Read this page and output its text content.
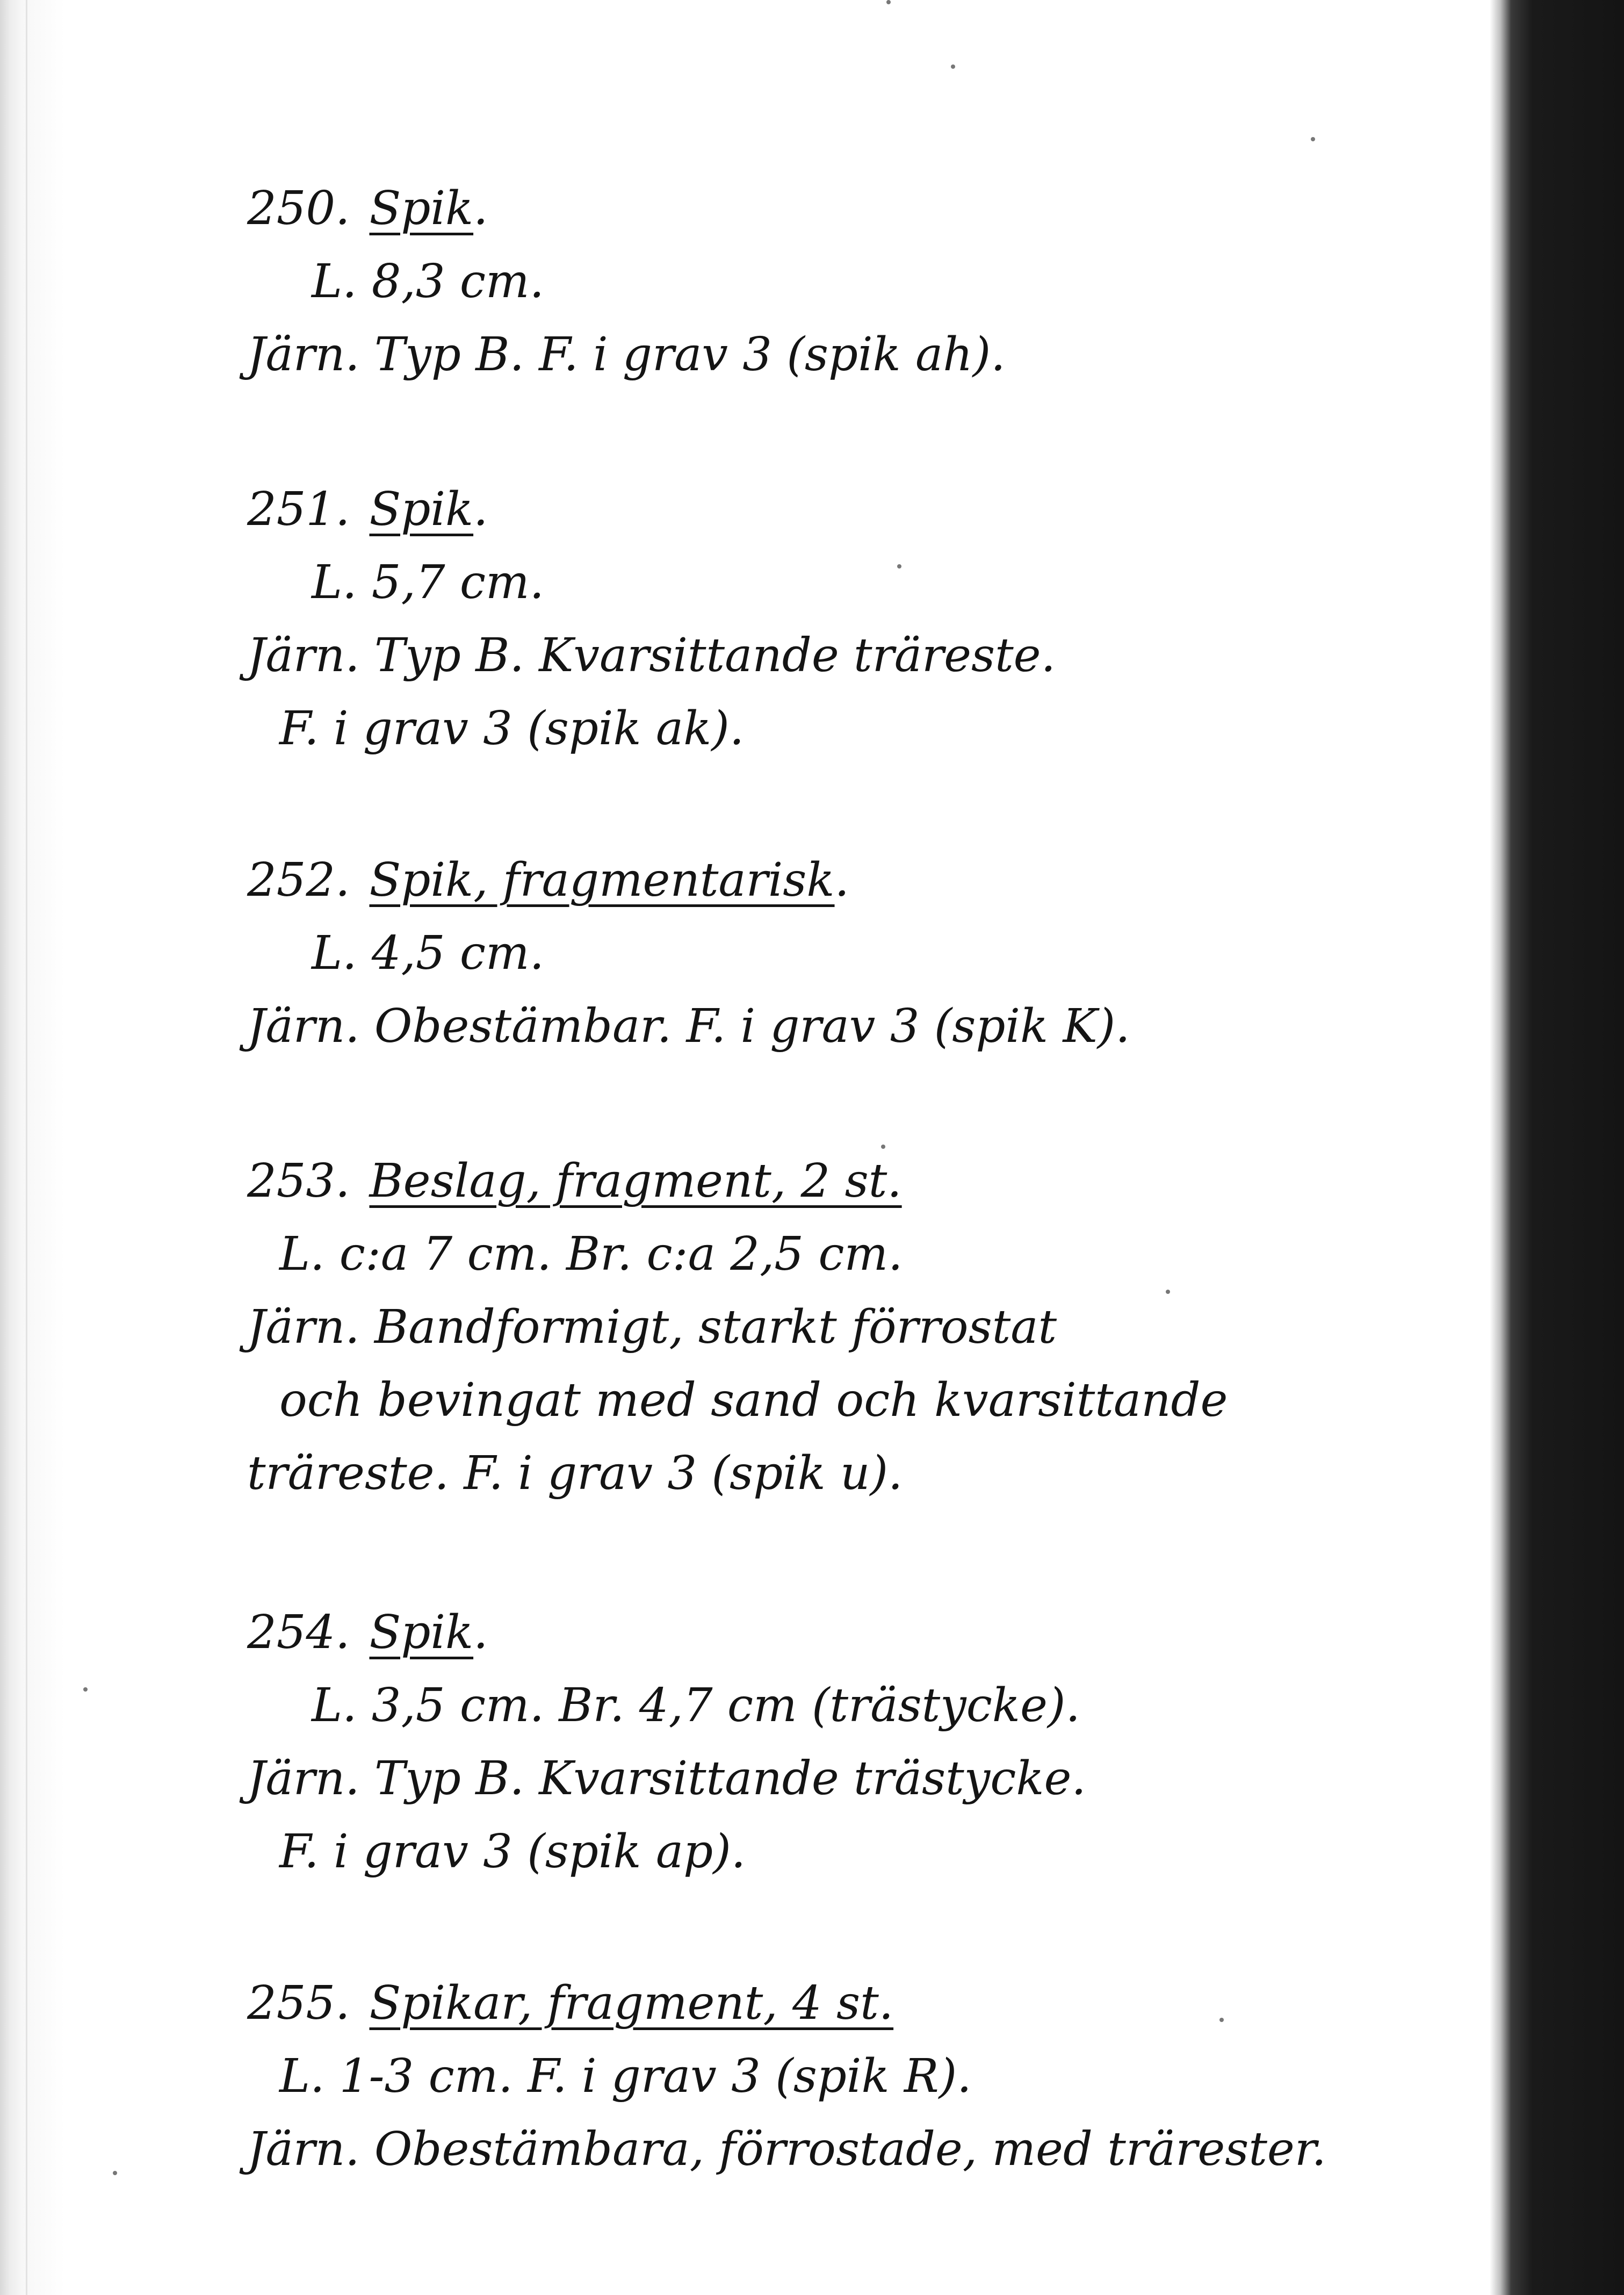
250. Spik.
L. 8,3 cm.
Järn. Typ B. F. i grav 3 (spik ah).
251. Spik.
L. 5,7 cm.
Järn. Typ B. Kvarsittande träreste.
F. i grav 3 (spik ak).
252. Spik, fragmentarisk.
L. 4,5 cm.
Järn. Obestämbar. F. i grav 3 (spik K).
253. Beslag, fragment, 2 st.
L. c:a 7 cm. Br. c:a 2,5 cm.
Järn. Bandformigt, starkt förrostat
och bevingat med sand och kvarsittande
träreste. F. i grav 3 (spik u).
254. Spik.
L. 3,5 cm. Br. 4,7 cm (trästycke).
Järn. Typ B. Kvarsittande trästycke.
F. i grav 3 (spik ap).
255. Spikar, fragment, 4 st.
L. 1-3 cm. F. i grav 3 (spik R).
Järn. Obestämbara, förrostade, med trärester.
